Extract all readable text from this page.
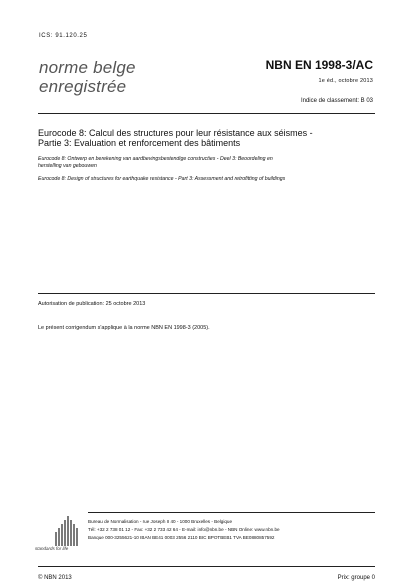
ICS: 91.120.25
norme belge
enregistrée
NBN EN 1998-3/AC
1e éd., octobre 2013
Indice de classement: B 03
Eurocode 8: Calcul des structures pour leur résistance aux séismes -
Partie 3: Evaluation et renforcement des bâtiments
Eurocode 8: Ontwerp en berekening van aardbevingsbestendige constructies - Deel 3: Beoordeling en
herstelling van gebouwen
Eurocode 8: Design of structures for earthquake resistance - Part 3: Assessment and retrofitting of buildings
Autorisation de publication: 25 octobre 2013
Le présent corrigendum s'applique à la norme NBN EN 1998-3 (2005).
standards for life
Bureau de Normalisation - rue Joseph II 40 - 1000 Bruxelles - Belgique
Tél: +32 2 738 01 12 - Fax: +32 2 733 42 64 - E-mail: info@nbn.be - NBN Online: www.nbn.be
Banque 000-3255621-10 IBAN BE41 0003 2556 2110 BIC BPOTBEB1 TVA BE0880857592
© NBN 2013	Prix: groupe 0
